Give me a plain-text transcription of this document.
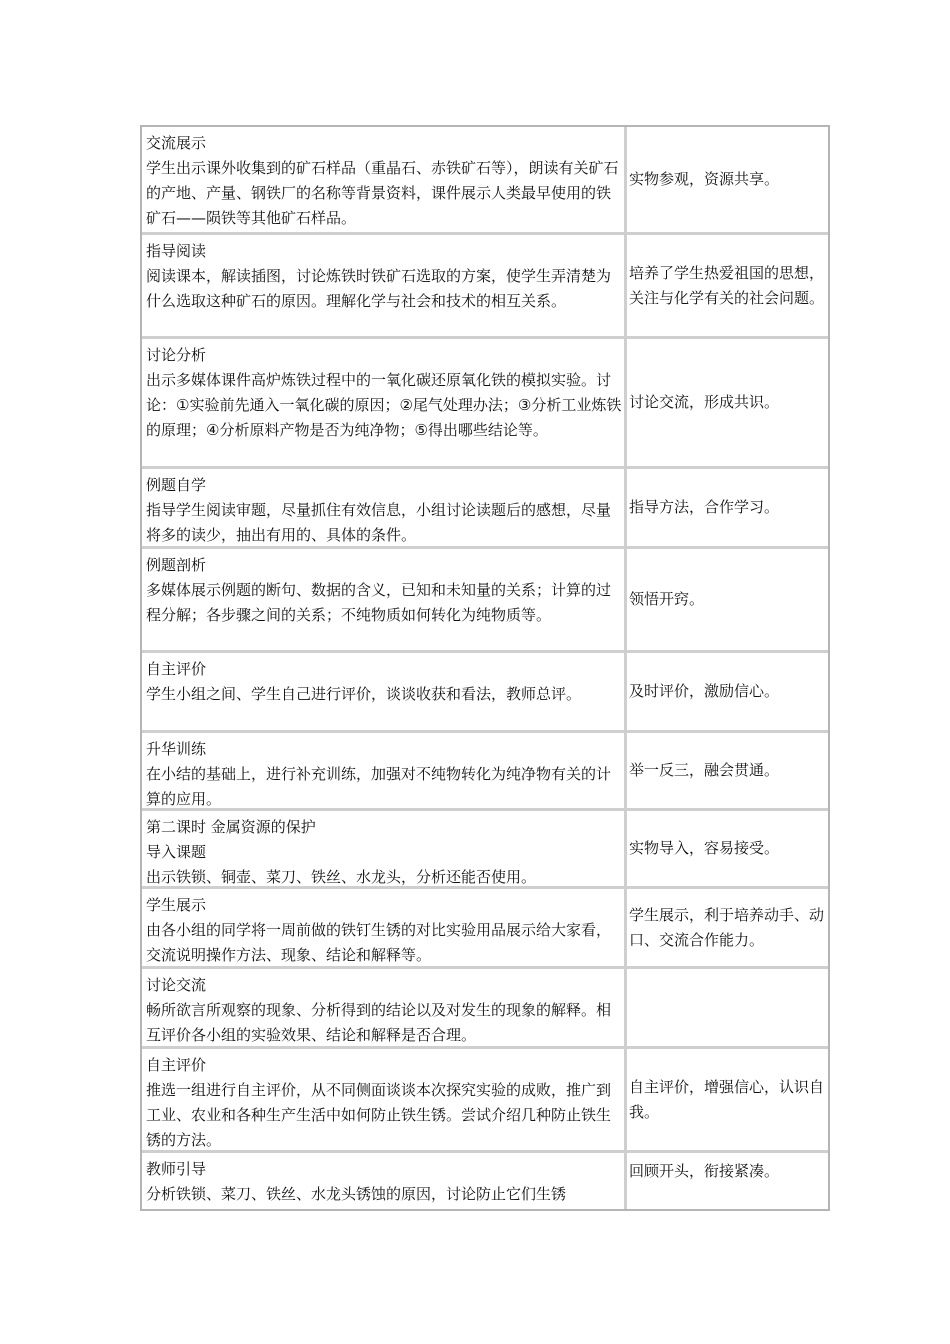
交流展示
学生出示课外收集到的矿石样品（重晶石、赤铁矿石等），朗读有关矿石的产地、产量、钢铁厂的名称等背景资料，课件展示人类最早使用的铁矿石——陨铁等其他矿石样品。
实物参观，资源共享。
指导阅读
阅读课本，解读插图，讨论炼铁时铁矿石选取的方案，使学生弄清楚为什么选取这种矿石的原因。理解化学与社会和技术的相互关系。
培养了学生热爱祖国的思想，关注与化学有关的社会问题。
讨论分析
出示多媒体课件高炉炼铁过程中的一氧化碳还原氧化铁的模拟实验。讨论：①实验前先通入一氧化碳的原因；②尾气处理办法；③分析工业炼铁的原理；④分析原料产物是否为纯净物；⑤得出哪些结论等。
讨论交流，形成共识。
例题自学
指导学生阅读审题，尽量抓住有效信息，小组讨论读题后的感想，尽量将多的读少，抽出有用的、具体的条件。
指导方法，合作学习。
例题剖析
多媒体展示例题的断句、数据的含义，已知和未知量的关系；计算的过程分解；各步骤之间的关系；不纯物质如何转化为纯物质等。
领悟开窍。
自主评价
学生小组之间、学生自己进行评价，谈谈收获和看法，教师总评。	及时评价，激励信心。
升华训练
在小结的基础上，进行补充训练，加强对不纯物转化为纯净物有关的计算的应用。
举一反三，融会贯通。
第二课时 金属资源的保护
导入课题
出示铁锁、铜壶、菜刀、铁丝、水龙头，分析还能否使用。
实物导入，容易接受。
学生展示
由各小组的同学将一周前做的铁钉生锈的对比实验用品展示给大家看，交流说明操作方法、现象、结论和解释等。
学生展示，利于培养动手、动口、交流合作能力。
讨论交流
畅所欲言所观察的现象、分析得到的结论以及对发生的现象的解释。相互评价各小组的实验效果、结论和解释是否合理。
自主评价
推选一组进行自主评价，从不同侧面谈谈本次探究实验的成败，推广到工业、农业和各种生产生活中如何防止铁生锈。尝试介绍几种防止铁生锈的方法。
自主评价，增强信心，认识自我。
教师引导
分析铁锁、菜刀、铁丝、水龙头锈蚀的原因，讨论防止它们生锈
回顾开头，衔接紧凑。
